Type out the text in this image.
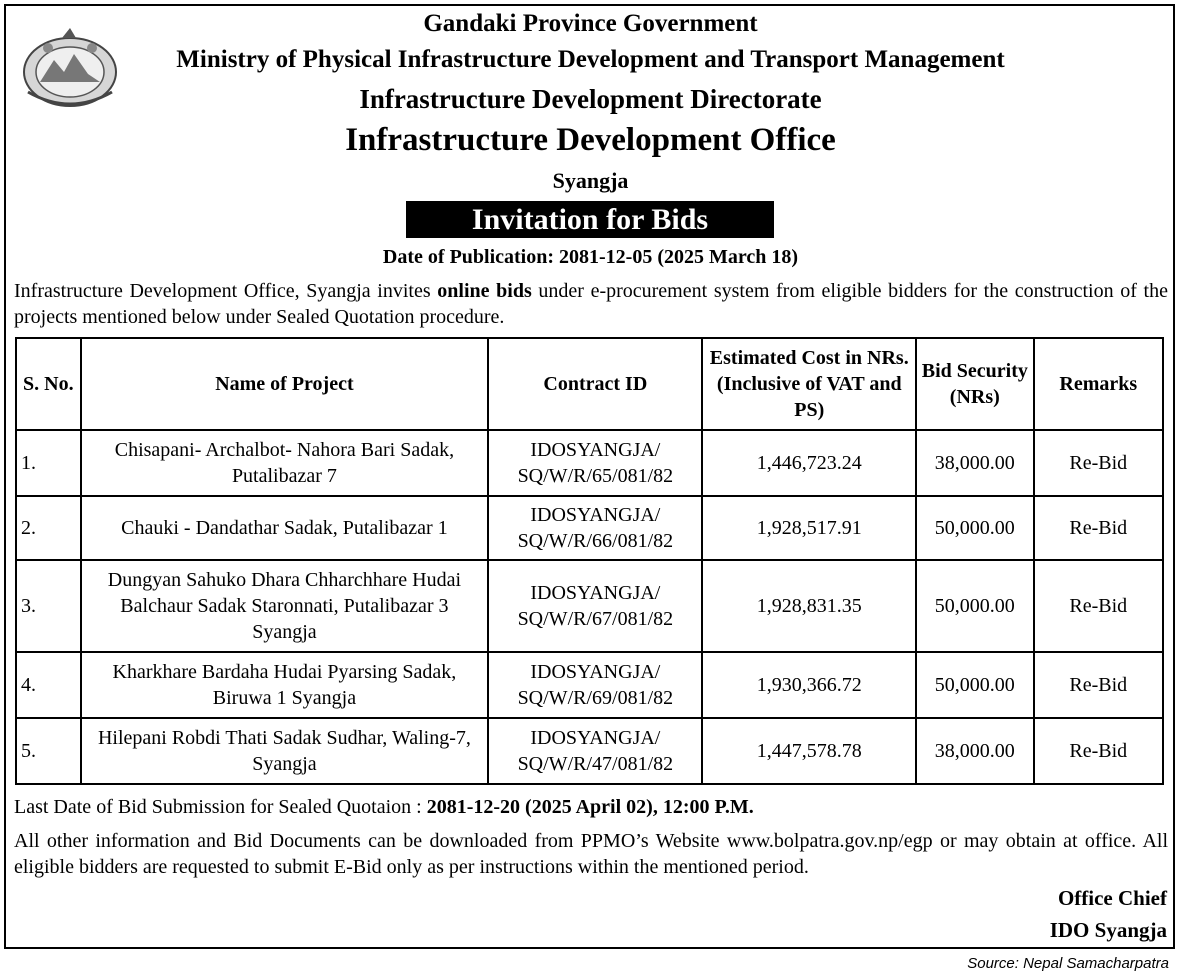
Gandaki Province Government
Ministry of Physical Infrastructure Development and Transport Management
Infrastructure Development Directorate
Infrastructure Development Office
Syangja
Invitation for Bids
Date of Publication: 2081-12-05 (2025 March 18)
Infrastructure Development Office, Syangja invites online bids under e-procurement system from eligible bidders for the construction of the projects mentioned below under Sealed Quotation procedure.
S. No.	Name of Project	Contract ID	Estimated Cost in NRs. (Inclusive of VAT and PS)	Bid Security (NRs)	Remarks
1.	Chisapani- Archalbot- Nahora Bari Sadak, Putalibazar 7	IDOSYANGJA/ SQ/W/R/65/081/82	1,446,723.24	38,000.00	Re-Bid
2.	Chauki - Dandathar Sadak, Putalibazar 1	IDOSYANGJA/ SQ/W/R/66/081/82	1,928,517.91	50,000.00	Re-Bid
3.	Dungyan Sahuko Dhara Chharchhare Hudai Balchaur Sadak Staronnati, Putalibazar 3 Syangja	IDOSYANGJA/ SQ/W/R/67/081/82	1,928,831.35	50,000.00	Re-Bid
4.	Kharkhare Bardaha Hudai Pyarsing Sadak, Biruwa 1 Syangja	IDOSYANGJA/ SQ/W/R/69/081/82	1,930,366.72	50,000.00	Re-Bid
5.	Hilepani Robdi Thati Sadak Sudhar, Waling-7, Syangja	IDOSYANGJA/ SQ/W/R/47/081/82	1,447,578.78	38,000.00	Re-Bid
Last Date of Bid Submission for Sealed Quotaion : 2081-12-20 (2025 April 02), 12:00 P.M.
All other information and Bid Documents can be downloaded from PPMO’s Website www.bolpatra.gov.np/egp or may obtain at office. All eligible bidders are requested to submit E-Bid only as per instructions within the mentioned period.
Office Chief
IDO Syangja
Source: Nepal Samacharpatra
